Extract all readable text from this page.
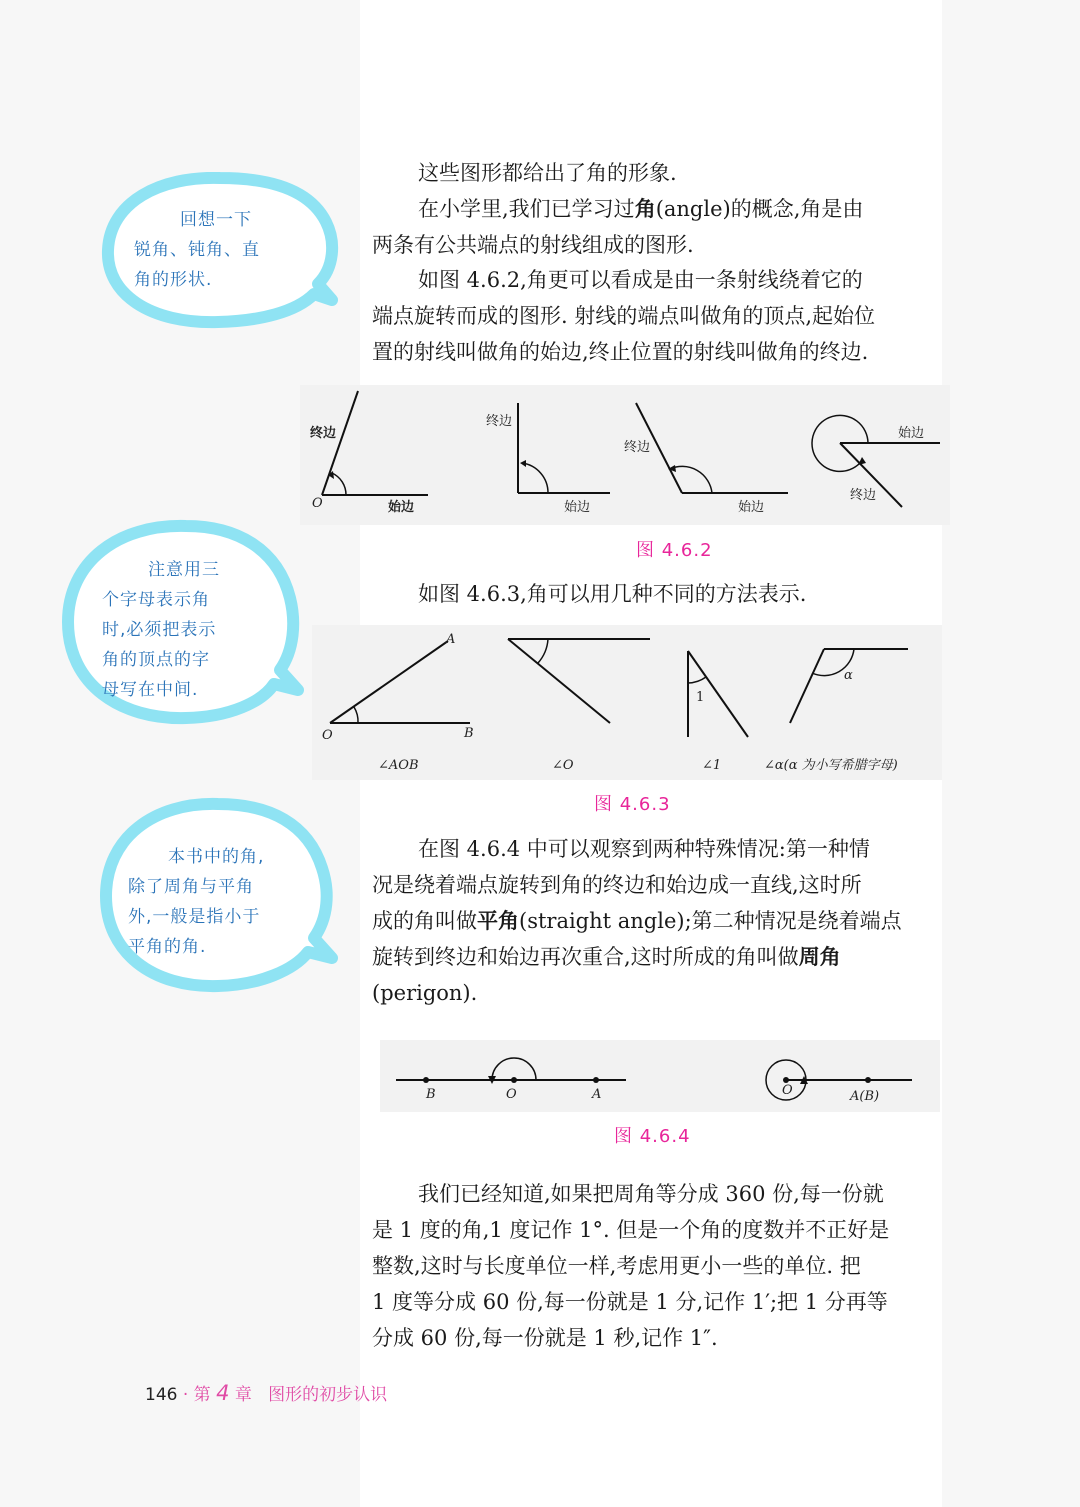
回想一下
锐角、钝角、直
角的形状.
注意用三
个字母表示角
时,必须把表示
角的顶点的字
母写在中间.
本书中的角,
除了周角与平角
外,一般是指小于
平角的角.

这些图形都给出了角的形象.

在小学里,我们已学习过角(angle)的概念,角是由
两条有公共端点的射线组成的图形.

如图 4.6.2,角更可以看成是由一条射线绕着它的
端点旋转而成的图形. 射线的端点叫做角的顶点,起始位
置的射线叫做角的始边,终止位置的射线叫做角的终边.

终边
始边
O
终边
始边
终边
始边
始边
终边
图 4.6.2

如图 4.6.3,角可以用几种不同的方法表示.

A
O	B
∠AOB	∠O
1
∠1
α
∠α(α 为小写希腊字母)
图 4.6.3

在图 4.6.4 中可以观察到两种特殊情况:第一种情
况是绕着端点旋转到角的终边和始边成一直线,这时所
成的角叫做平角(straight angle);第二种情况是绕着端点
旋转到终边和始边再次重合,这时所成的角叫做周角
(perigon).

B	O	A	O	A(B)
图 4.6.4

我们已经知道,如果把周角等分成 360 份,每一份就
是 1 度的角,1 度记作 1°. 但是一个角的度数并不正好是
整数,这时与长度单位一样,考虑用更小一些的单位. 把
1 度等分成 60 份,每一份就是 1 分,记作 1′;把 1 分再等
分成 60 份,每一份就是 1 秒,记作 1″.

146 · 第 4 章 图形的初步认识
